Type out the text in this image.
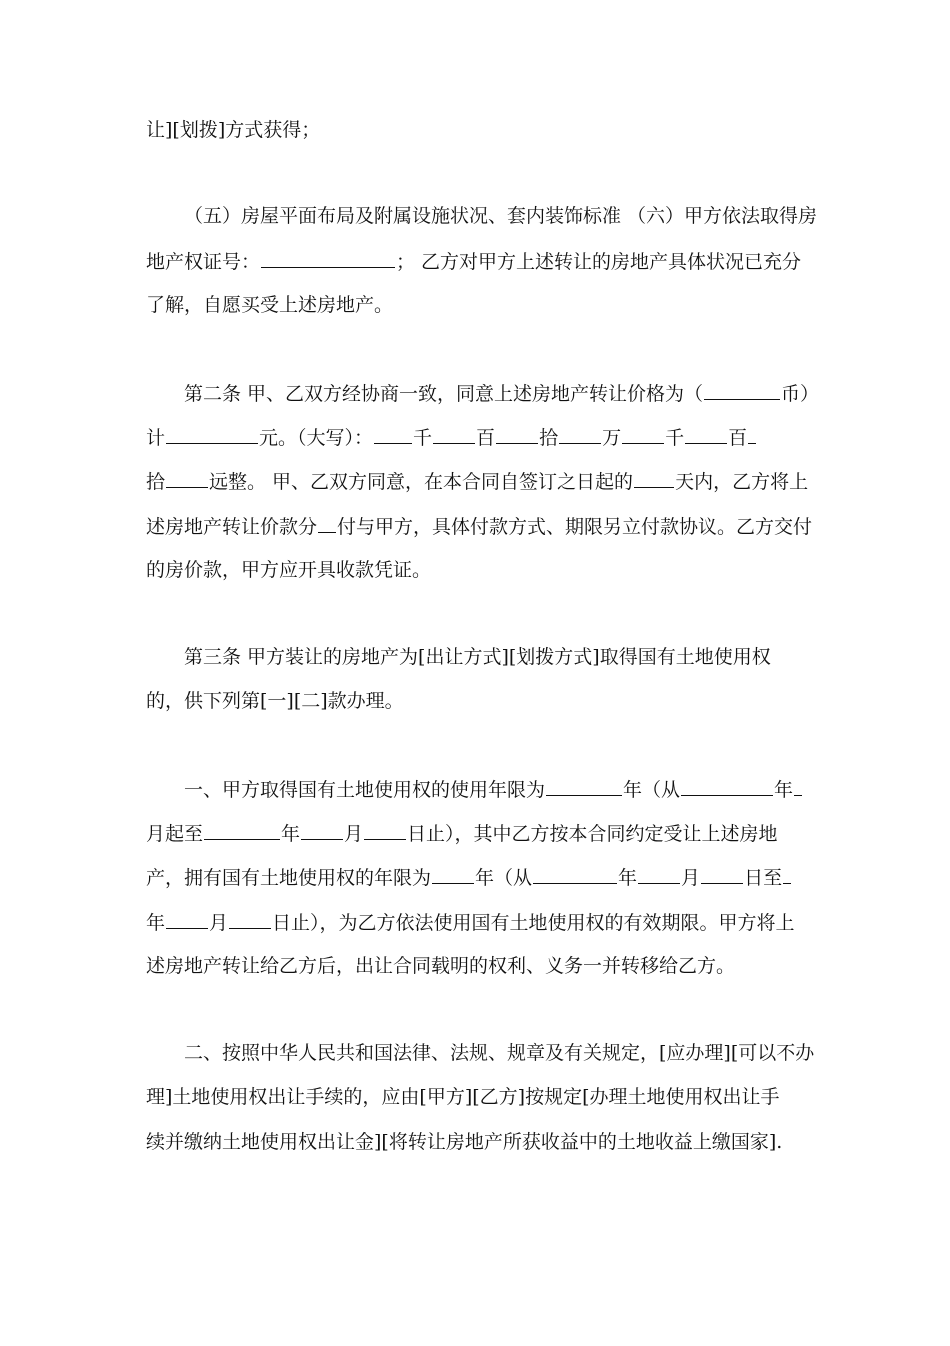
让][划拨]方式获得；
（五）房屋平面布局及附属设施状况、套内装饰标准 （六）甲方依法取得房
地产权证号：	； 乙方对甲方上述转让的房地产具体状况已充分
了解，自愿买受上述房地产。
第二条 甲、乙双方经协商一致，同意上述房地产转让价格为（	币）
计	元。（大写）： 千 百 拾 万 千 百
拾 远整。 甲、乙双方同意，在本合同自签订之日起的 天内，乙方将上
述房地产转让价款分 付与甲方，具体付款方式、期限另立付款协议。乙方交付
的房价款，甲方应开具收款凭证。
第三条 甲方装让的房地产为[出让方式][划拨方式]取得国有土地使用权
的，供下列第[一][二]款办理。
一、甲方取得国有土地使用权的使用年限为	年（从	年
月起至	年 月 日止），其中乙方按本合同约定受让上述房地
产，拥有国有土地使用权的年限为 年（从	年 月 日至
年 月 日止），为乙方依法使用国有土地使用权的有效期限。甲方将上
述房地产转让给乙方后，出让合同载明的权利、义务一并转移给乙方。
二、按照中华人民共和国法律、法规、规章及有关规定，[应办理][可以不办
理]土地使用权出让手续的，应由[甲方][乙方]按规定[办理土地使用权出让手
续并缴纳土地使用权出让金][将转让房地产所获收益中的土地收益上缴国家].
